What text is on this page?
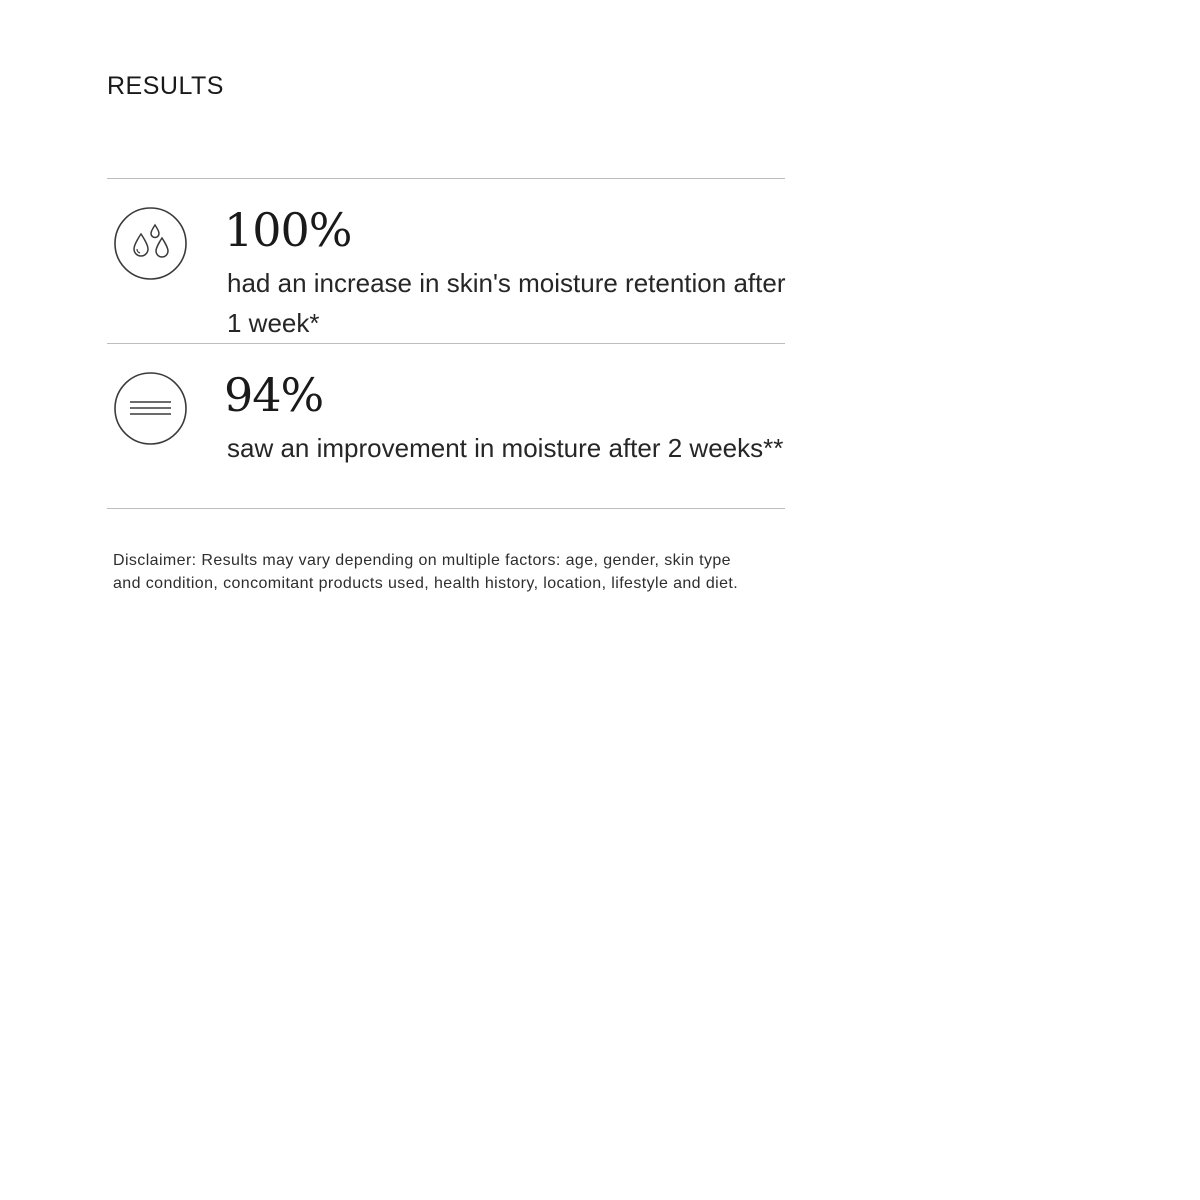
RESULTS
100%
had an increase in skin's moisture retention after 1 week*
94%
saw an improvement in moisture after 2 weeks**

Disclaimer: Results may vary depending on multiple factors: age, gender, skin type and condition, concomitant products used, health history, location, lifestyle and diet.
